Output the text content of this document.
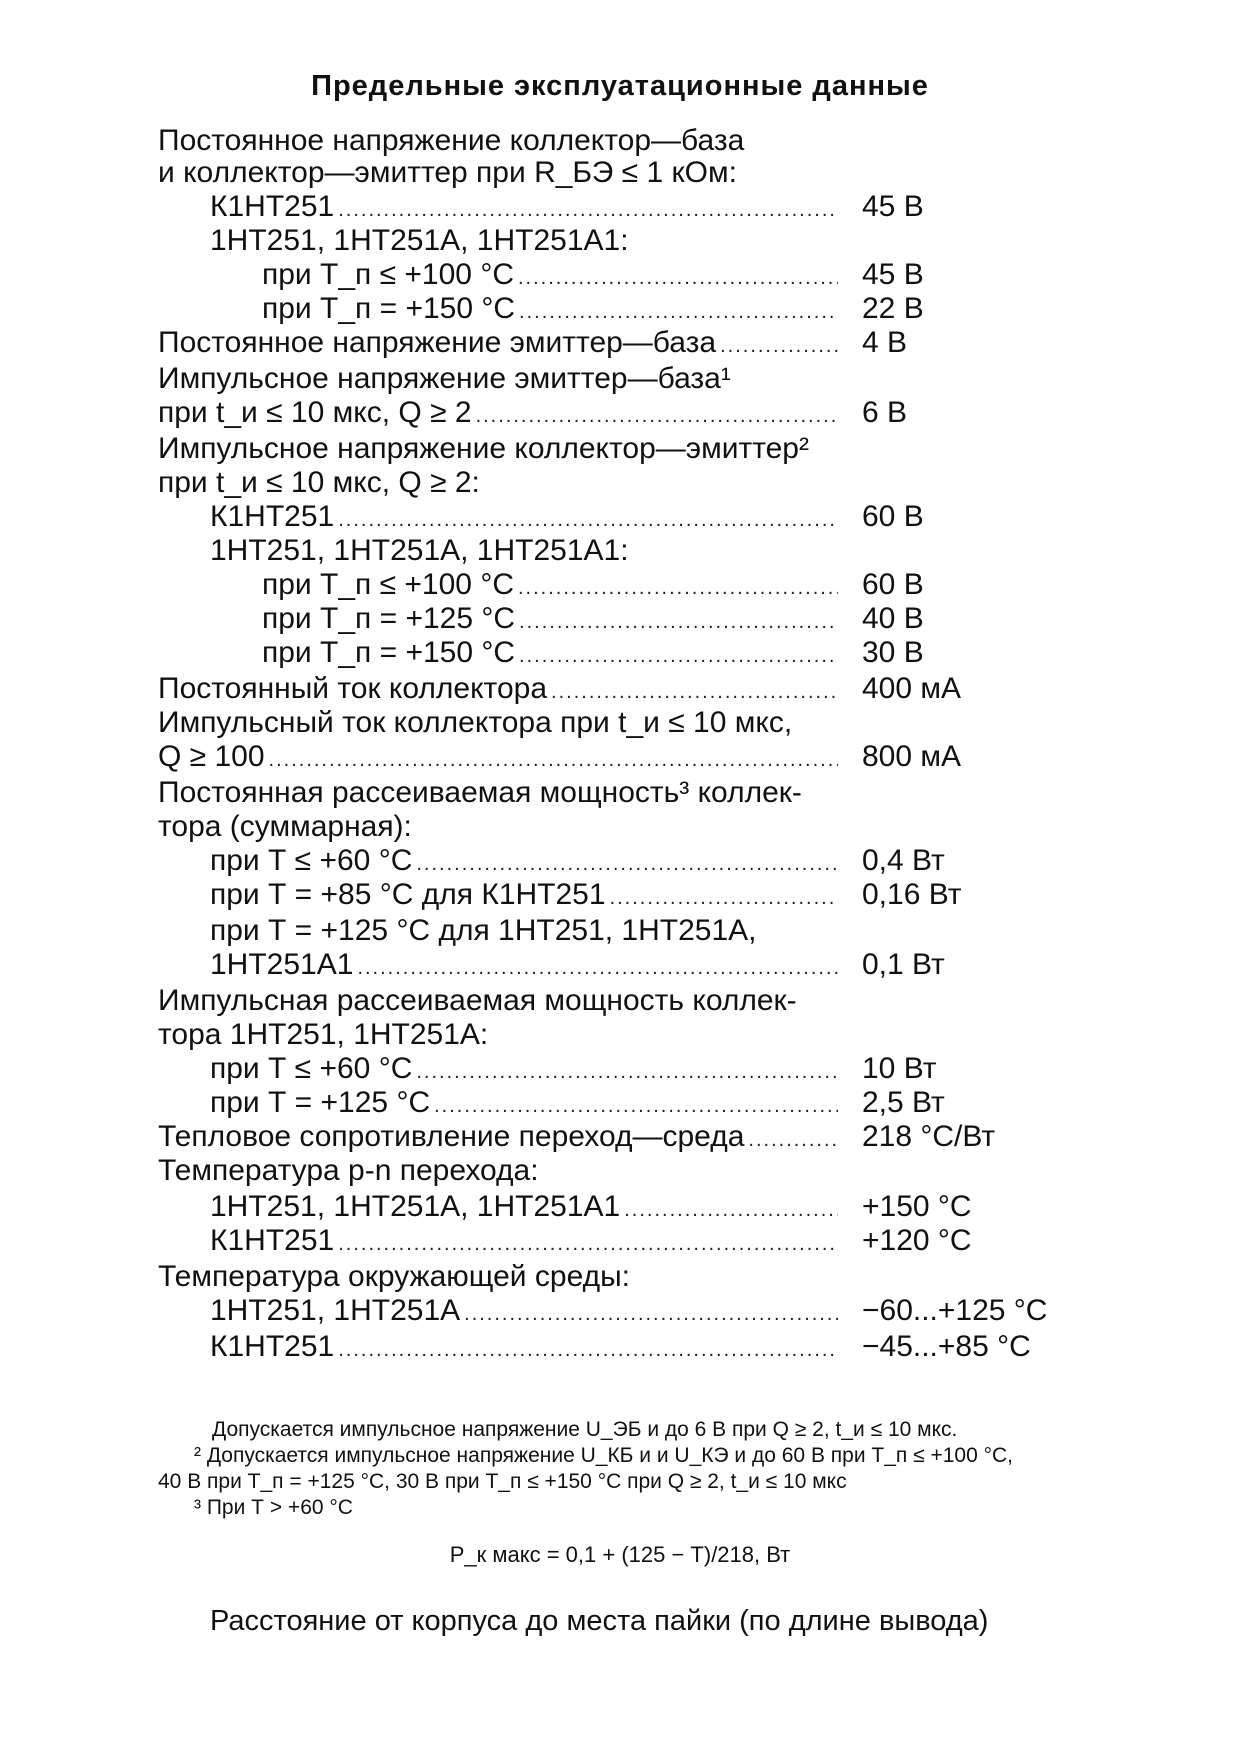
Предельные эксплуатационные данные
Постоянное напряжение коллектор—база
и коллектор—эмиттер при R_БЭ ≤ 1 кОм:
К1НТ251 .....	45 В
1НТ251, 1НТ251А, 1НТ251А1:
при Т_п ≤ +100 °С .....	45 В
при Т_п = +150 °С .....	22 В
Постоянное напряжение эмиттер—база .....	4 В
Импульсное напряжение эмиттер—база¹
при t_и ≤ 10 мкс, Q ≥ 2 .....	6 В
Импульсное напряжение коллектор—эмиттер²
при t_и ≤ 10 мкс, Q ≥ 2:
К1НТ251 .....	60 В
1НТ251, 1НТ251А, 1НТ251А1:
при Т_п ≤ +100 °С .....	60 В
при Т_п = +125 °С .....	40 В
при Т_п = +150 °С .....	30 В
Постоянный ток коллектора .....	400 мА
Импульсный ток коллектора при t_и ≤ 10 мкс,
Q ≥ 100 .....	800 мА
Постоянная рассеиваемая мощность³ коллек-
тора (суммарная):
при Т ≤ +60 °С .....	0,4 Вт
при Т = +85 °С для К1НТ251 .....	0,16 Вт
при Т = +125 °С для 1НТ251, 1НТ251А,
1НТ251А1 .....	0,1 Вт
Импульсная рассеиваемая мощность коллек-
тора 1НТ251, 1НТ251А:
при Т ≤ +60 °С .....	10 Вт
при Т = +125 °С .....	2,5 Вт
Тепловое сопротивление переход—среда .....	218 °С/Вт
Температура p-n перехода:
1НТ251, 1НТ251А, 1НТ251А1 .....	+150 °С
К1НТ251 .....	+120 °С
Температура окружающей среды:
1НТ251, 1НТ251А .....	−60...+125 °С
К1НТ251 .....	−45...+85 °С
Допускается импульсное напряжение U_ЭБ и до 6 В при Q ≥ 2, t_и ≤ 10 мкс.
² Допускается импульсное напряжение U_КБ и и U_КЭ и до 60 В при Т_п ≤ +100 °С,
40 В при Т_п = +125 °С, 30 В при Т_п ≤ +150 °С при Q ≥ 2, t_и ≤ 10 мкс
³ При Т > +60 °С
P_к макс = 0,1 + (125 − Т)/218, Вт
Расстояние от корпуса до места пайки (по длине вывода)
